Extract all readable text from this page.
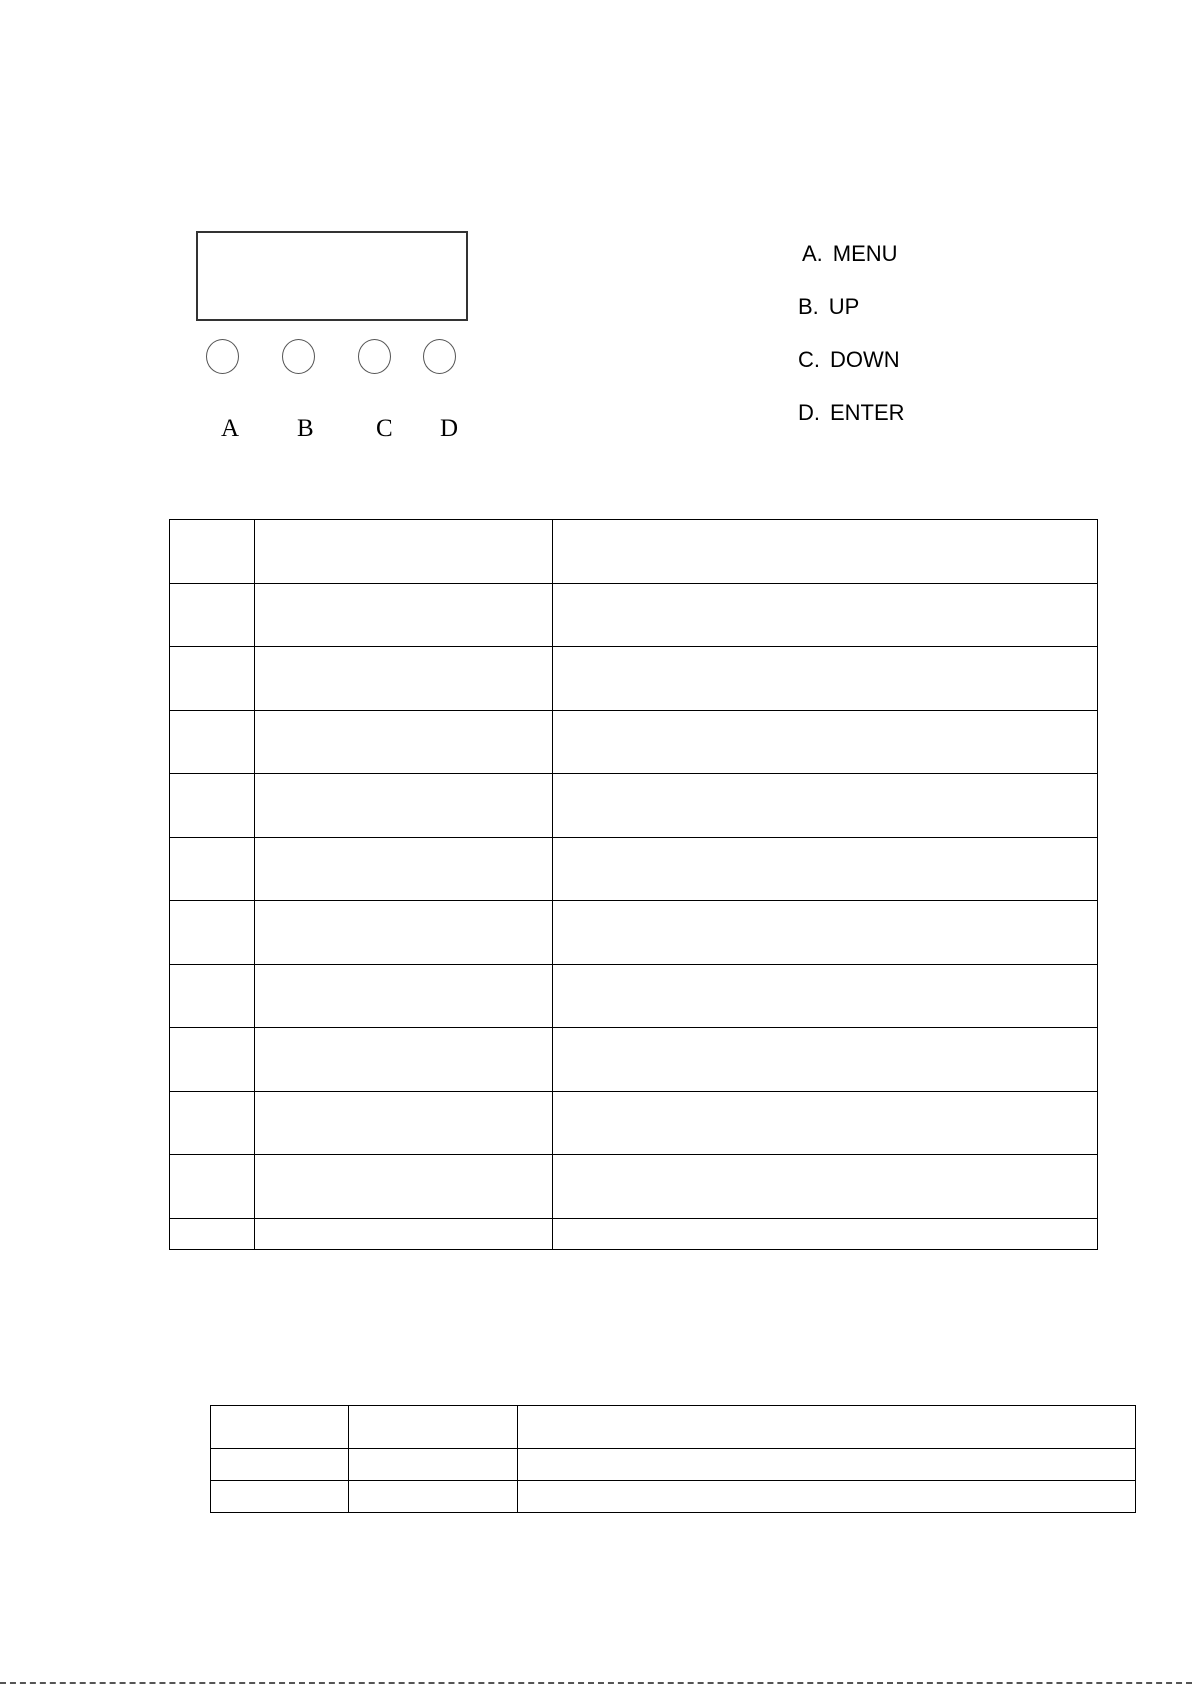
A B C D
A. MENU
B. UP
C. DOWN
D. ENTER
